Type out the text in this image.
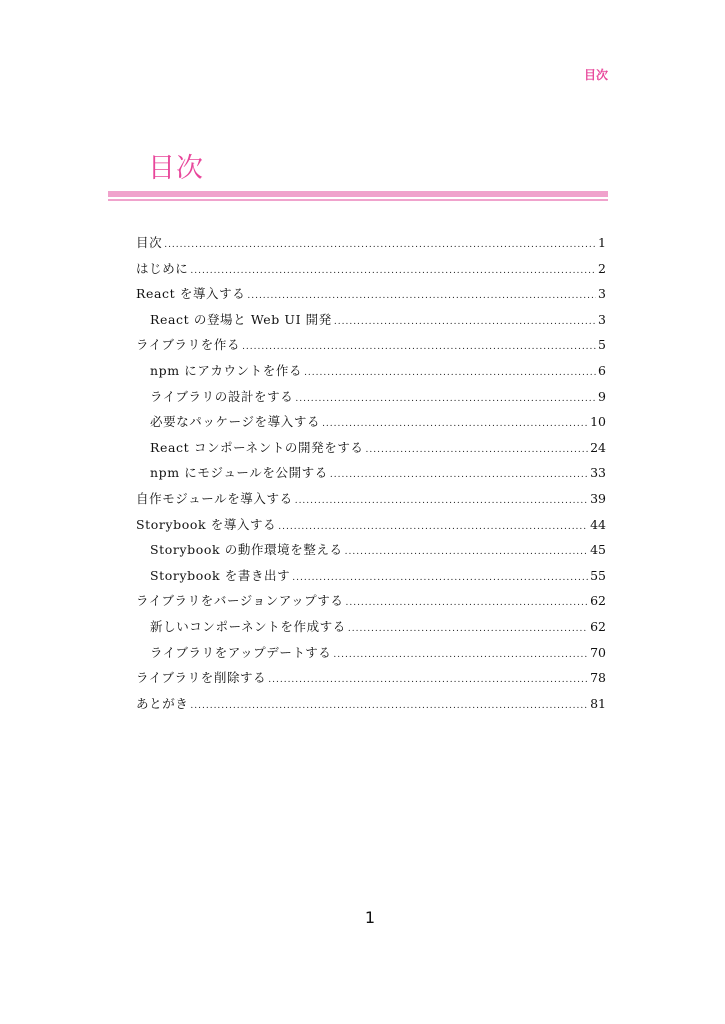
目次
目次
目次 .....	1
はじめに .....	2
React を導入する .....	3
React の登場と Web UI 開発 .....	3
ライブラリを作る .....	5
npm にアカウントを作る .....	6
ライブラリの設計をする .....	9
必要なパッケージを導入する .....	10
React コンポーネントの開発をする .....	24
npm にモジュールを公開する .....	33
自作モジュールを導入する .....	39
Storybook を導入する .....	44
Storybook の動作環境を整える .....	45
Storybook を書き出す .....	55
ライブラリをバージョンアップする .....	62
新しいコンポーネントを作成する .....	62
ライブラリをアップデートする .....	70
ライブラリを削除する .....	78
あとがき .....	81
1
